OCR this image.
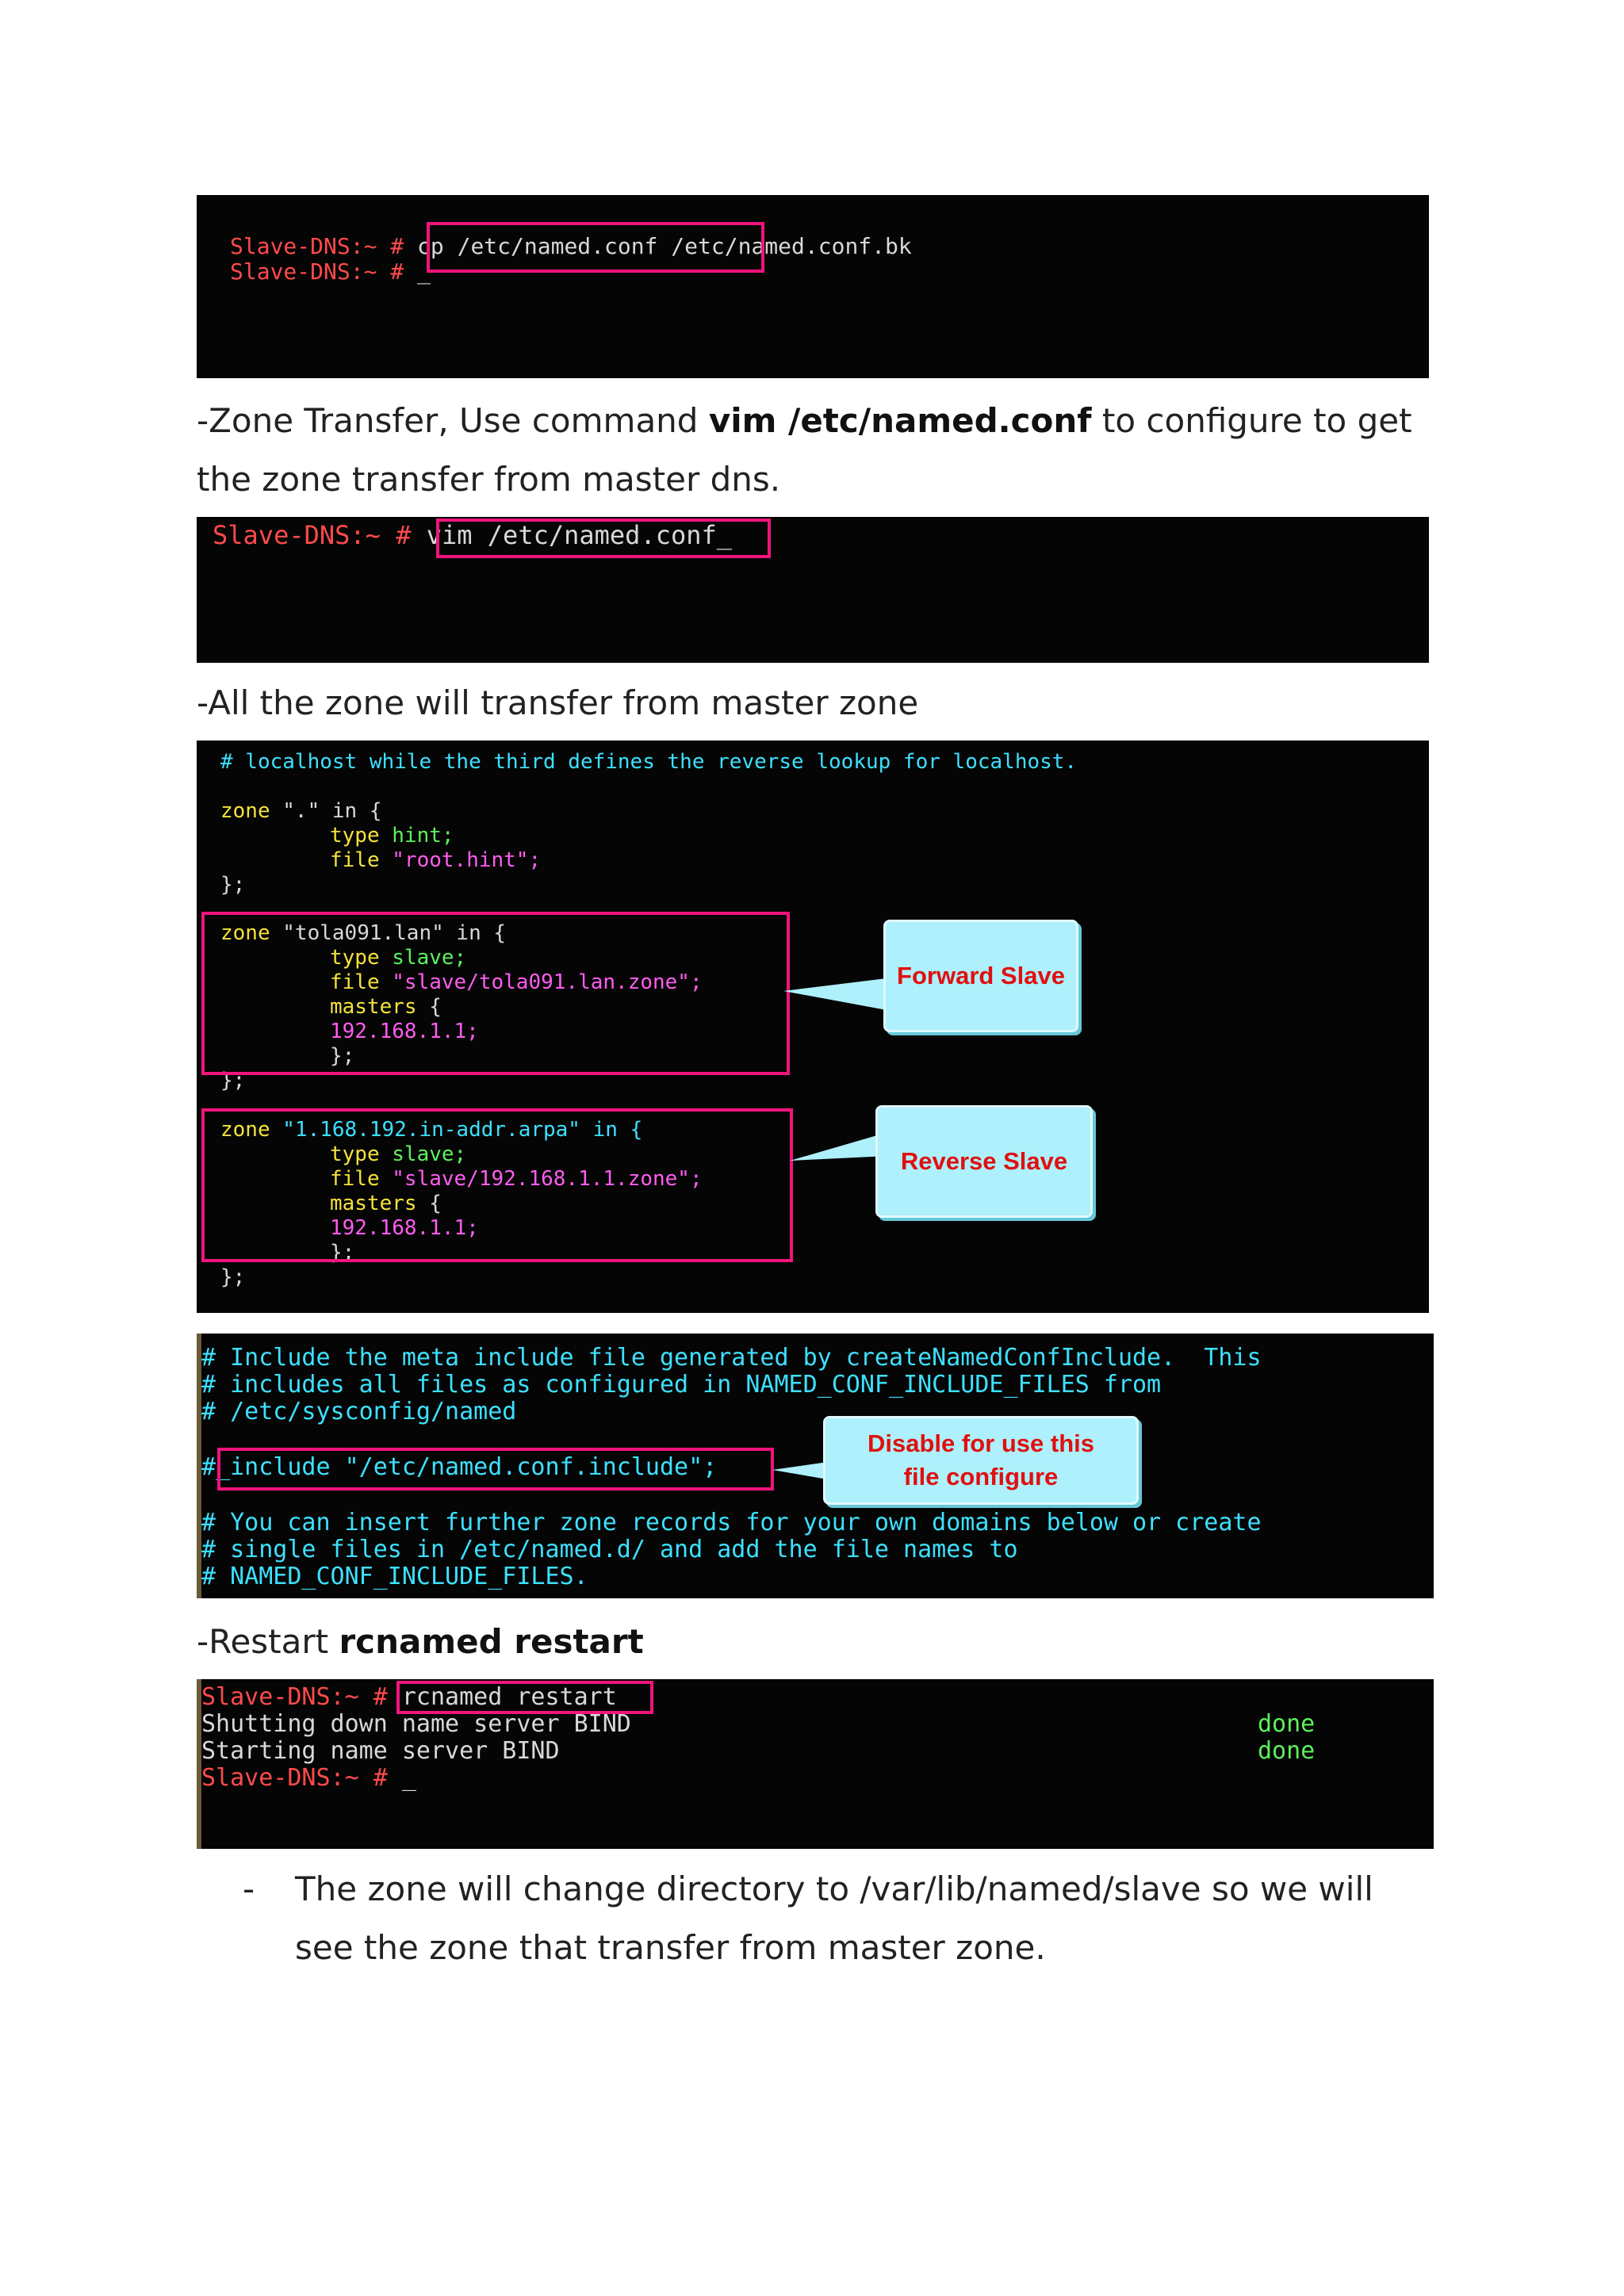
Slave-DNS:~ # cp /etc/named.conf /etc/named.conf.bk

Slave-DNS:~ # _

-Zone Transfer, Use command vim /etc/named.conf to configure to get
the zone transfer from master dns.

Slave-DNS:~ # vim /etc/named.conf_

-All the zone will transfer from master zone

# localhost while the third defines the reverse lookup for localhost.

zone "." in {

type hint;

file "root.hint";

};

zone "tola091.lan" in {

type slave;

file "slave/tola091.lan.zone";

masters {

192.168.1.1;

};

};

zone "1.168.192.in-addr.arpa" in {

type slave;

file "slave/192.168.1.1.zone";

masters {

192.168.1.1;

};

};

Forward Slave

Reverse Slave

# Include the meta include file generated by createNamedConfInclude.  This

# includes all files as configured in NAMED_CONF_INCLUDE_FILES from

# /etc/sysconfig/named

#_include "/etc/named.conf.include";

# You can insert further zone records for your own domains below or create

# single files in /etc/named.d/ and add the file names to

# NAMED_CONF_INCLUDE_FILES.

Disable for use this
file configure

-Restart rcnamed restart

Slave-DNS:~ # rcnamed restart

Shutting down name server BIND

	done

Starting name server BIND

	done

Slave-DNS:~ # _

- The zone will change directory to /var/lib/named/slave so we will
see the zone that transfer from master zone.
